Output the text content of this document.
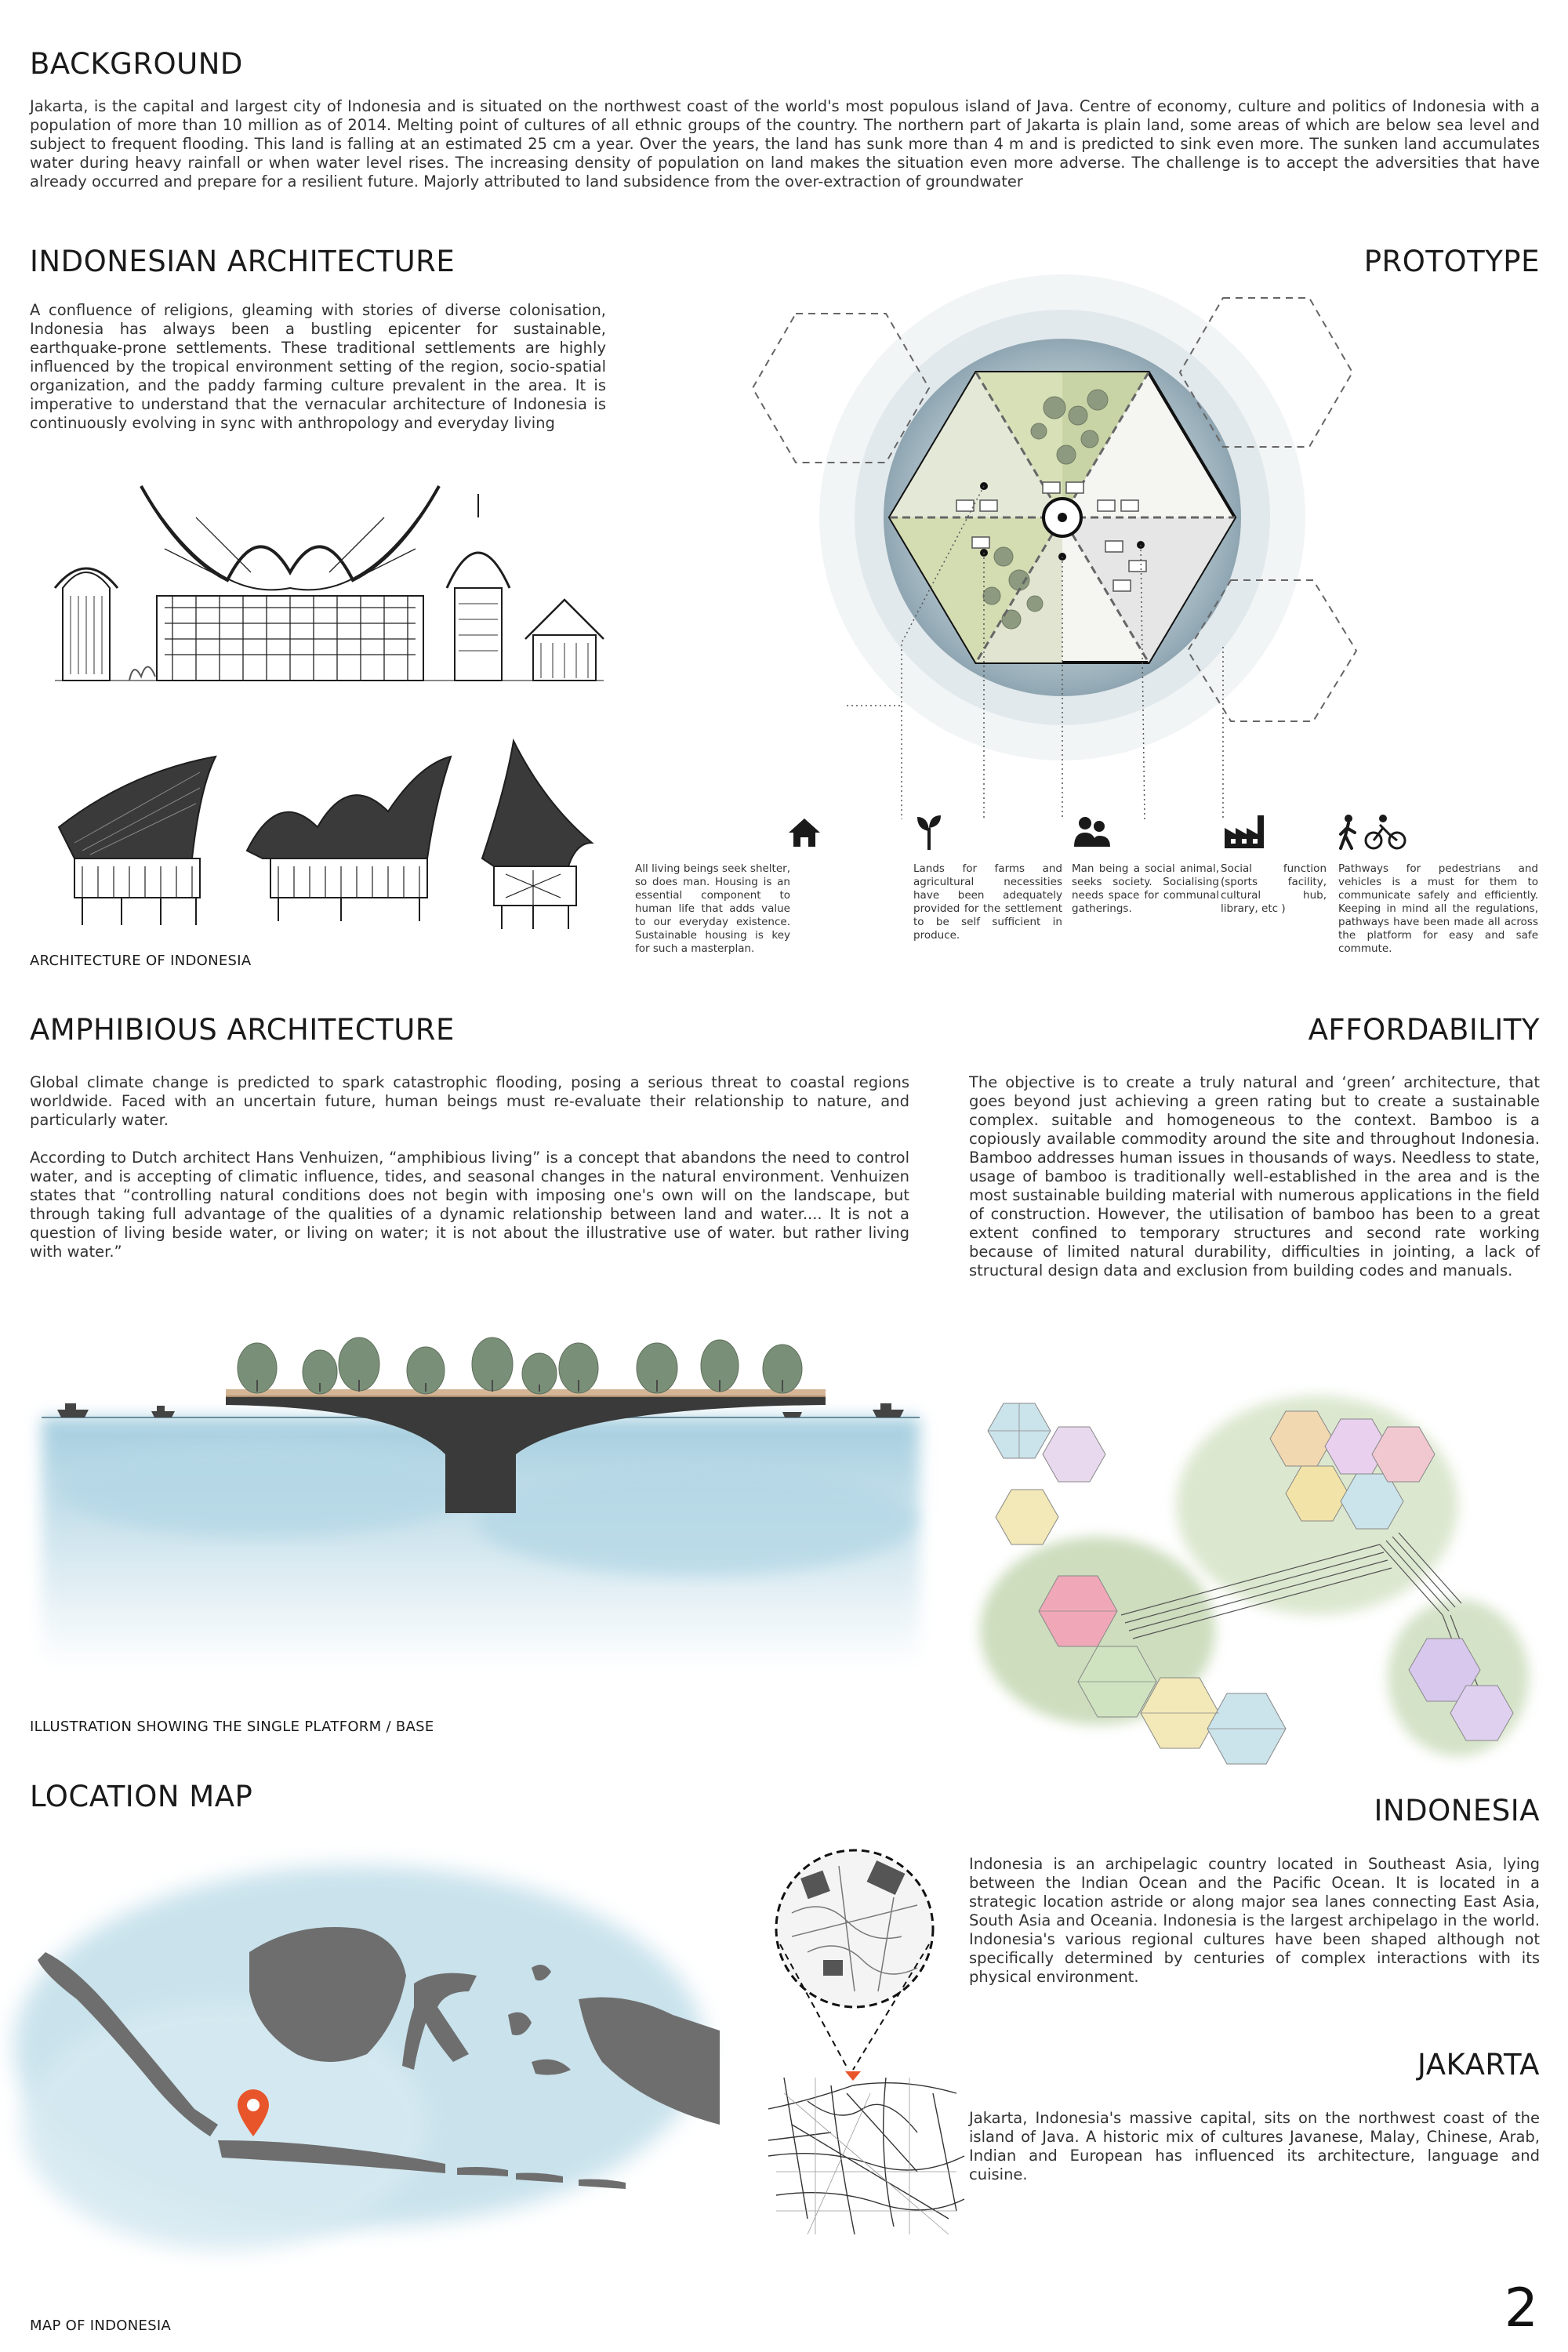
BACKGROUND
Jakarta, is the capital and largest city of Indonesia and is situated on the northwest coast of the world's most populous island of Java. Centre of economy, culture and politics of Indonesia with a population of more than 10 million as of 2014. Melting point of cultures of all ethnic groups of the country. The northern part of Jakarta is plain land, some areas of which are below sea level and subject to frequent flooding. This land is falling at an estimated 25 cm a year. Over the years, the land has sunk more than 4 m and is predicted to sink even more. The sunken land accumulates water during heavy rainfall or when water level rises. The increasing density of population on land makes the situation even more adverse. The challenge is to accept the adversities that have already occurred and prepare for a resilient future. Majorly attributed to land subsidence from the over-extraction of groundwater
INDONESIAN ARCHITECTURE
A confluence of religions, gleaming with stories of diverse colonisation, Indonesia has always been a bustling epicenter for sustainable, earthquake-prone settlements. These traditional settlements are highly influenced by the tropical environment setting of the region, socio-spatial organization, and the paddy farming culture prevalent in the area. It is imperative to understand that the vernacular architecture of Indonesia is continuously evolving in sync with anthropology and everyday living
ARCHITECTURE OF INDONESIA
PROTOTYPE
All living beings seek shelter, so does man. Housing is an essential component to human life that adds value to our everyday existence. Sustainable housing is key for such a masterplan.
Lands for farms and agricultural necessities have been adequately provided for the settlement to be self sufficient in produce.
Man being a social animal, seeks society. Socialising needs space for communal gatherings.
Social function (sports facility, cultural hub, library, etc )
Pathways for pedestrians and vehicles is a must for them to communicate safely and efficiently. Keeping in mind all the regulations, pathways have been made all across the platform for easy and safe commute.
AMPHIBIOUS ARCHITECTURE
Global climate change is predicted to spark catastrophic flooding, posing a serious threat to coastal regions worldwide. Faced with an uncertain future, human beings must re-evaluate their relationship to nature, and particularly water.
According to Dutch architect Hans Venhuizen, “amphibious living” is a concept that abandons the need to control water, and is accepting of climatic influence, tides, and seasonal changes in the natural environment. Venhuizen states that “controlling natural conditions does not begin with imposing one's own will on the landscape, but through taking full advantage of the qualities of a dynamic relationship between land and water.... It is not a question of living beside water, or living on water; it is not about the illustrative use of water. but rather living with water.”
ILLUSTRATION SHOWING THE SINGLE PLATFORM / BASE
AFFORDABILITY
The objective is to create a truly natural and ‘green’ architecture, that goes beyond just achieving a green rating but to create a sustainable complex. suitable and homogeneous to the context. Bamboo is a copiously available commodity around the site and throughout Indonesia. Bamboo addresses human issues in thousands of ways. Needless to state, usage of bamboo is traditionally well-established in the area and is the most sustainable building material with numerous applications in the field of construction. However, the utilisation of bamboo has been to a great extent confined to temporary structures and second rate working because of limited natural durability, difficulties in jointing, a lack of structural design data and exclusion from building codes and manuals.
LOCATION MAP
MAP OF INDONESIA
INDONESIA
Indonesia is an archipelagic country located in Southeast Asia, lying between the Indian Ocean and the Pacific Ocean. It is located in a strategic location astride or along major sea lanes connecting East Asia, South Asia and Oceania. Indonesia is the largest archipelago in the world. Indonesia's various regional cultures have been shaped although not specifically determined by centuries of complex interactions with its physical environment.
JAKARTA
Jakarta, Indonesia's massive capital, sits on the northwest coast of the island of Java. A historic mix of cultures Javanese, Malay, Chinese, Arab, Indian and European has influenced its architecture, language and cuisine.
2
